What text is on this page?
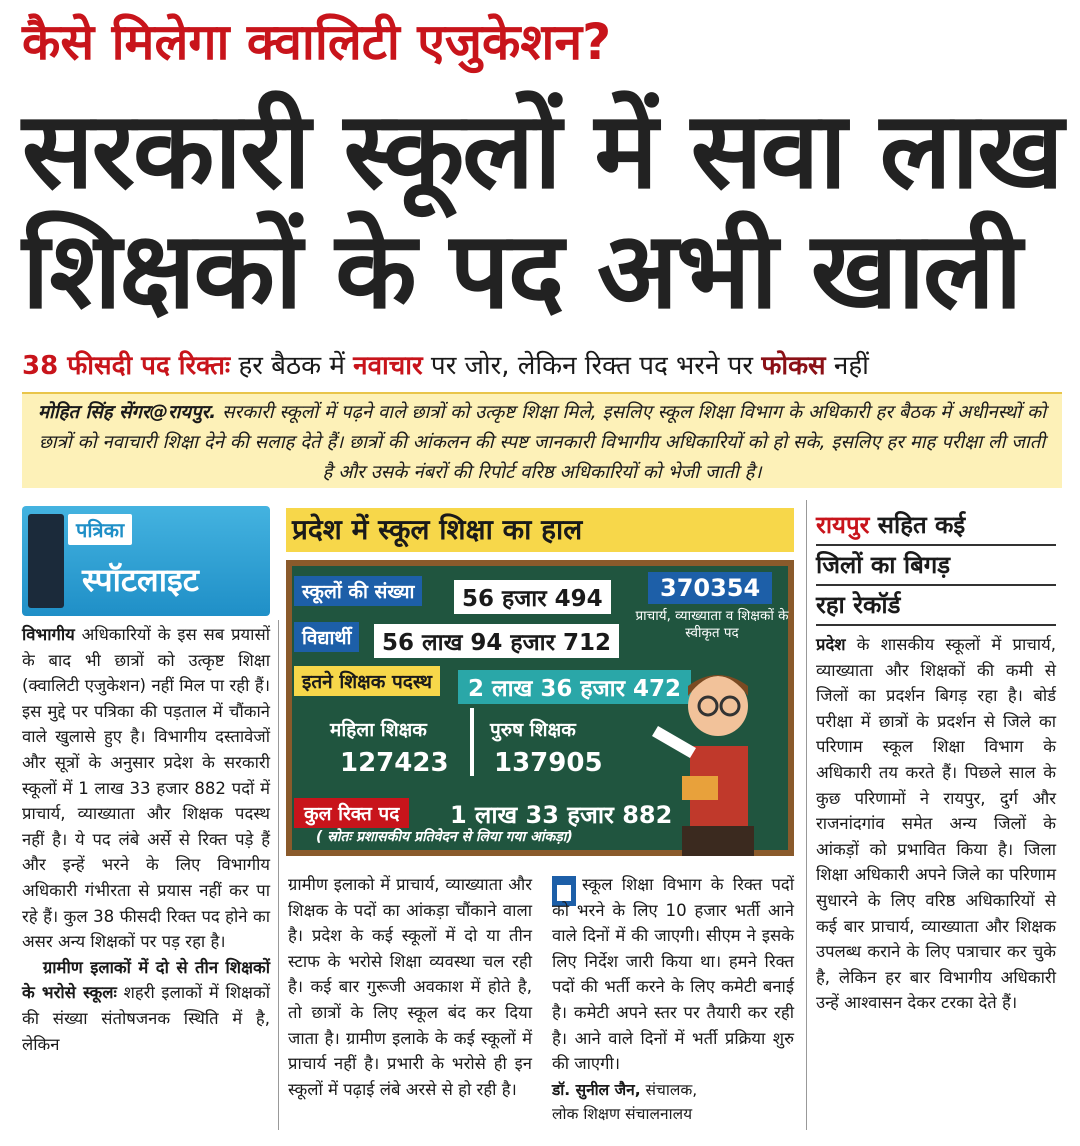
कैसे मिलेगा क्वालिटी एजुकेशन?
सरकारी स्कूलों में सवा लाख
शिक्षकों के पद अभी खाली
38 फीसदी पद रिक्तः हर बैठक में नवाचार पर जोर, लेकिन रिक्त पद भरने पर फोकस नहीं
मोहित सिंह सेंगर@रायपुर. सरकारी स्कूलों में पढ़ने वाले छात्रों को उत्कृष्ट शिक्षा मिले, इसलिए स्कूल शिक्षा विभाग के अधिकारी हर बैठक में अधीनस्थों को छात्रों को नवाचारी शिक्षा देने की सलाह देते हैं। छात्रों की आंकलन की स्पष्ट जानकारी विभागीय अधिकारियों को हो सके, इसलिए हर माह परीक्षा ली जाती है और उसके नंबरों की रिपोर्ट वरिष्ठ अधिकारियों को भेजी जाती है।
पत्रिका
स्पॉटलाइट
विभागीय अधिकारियों के इस सब प्रयासों के बाद भी छात्रों को उत्कृष्ट शिक्षा (क्वालिटी एजुकेशन) नहीं मिल पा रही हैं। इस मुद्दे पर पत्रिका की पड़ताल में चौंकाने वाले खुलासे हुए है। विभागीय दस्तावेजों और सूत्रों के अनुसार प्रदेश के सरकारी स्कूलों में 1 लाख 33 हजार 882 पदों में प्राचार्य, व्याख्याता और शिक्षक पदस्थ नहीं है। ये पद लंबे अर्से से रिक्त पड़े हैं और इन्हें भरने के लिए विभागीय अधिकारी गंभीरता से प्रयास नहीं कर पा रहे हैं। कुल 38 फीसदी रिक्त पद होने का असर अन्य शिक्षकों पर पड़ रहा है।
ग्रामीण इलाकों में दो से तीन शिक्षकों के भरोसे स्कूलः शहरी इलाकों में शिक्षकों की संख्या संतोषजनक स्थिति में है, लेकिन
प्रदेश में स्कूल शिक्षा का हाल
स्कूलों की संख्या	56 हजार 494	370354
प्राचार्य, व्याख्याता व शिक्षकों के स्वीकृत पद
विद्यार्थी	56 लाख 94 हजार 712
इतने शिक्षक पदस्थ	2 लाख 36 हजार 472
महिला शिक्षक
127423
पुरुष शिक्षक
137905
कुल रिक्त पद	1 लाख 33 हजार 882
( स्रोतः प्रशासकीय प्रतिवेदन से लिया गया आंकड़ा)
रायपुर सहित कई
जिलों का बिगड़
रहा रेकॉर्ड
प्रदेश के शासकीय स्कूलों में प्राचार्य, व्याख्याता और शिक्षकों की कमी से जिलों का प्रदर्शन बिगड़ रहा है। बोर्ड परीक्षा में छात्रों के प्रदर्शन से जिले का परिणाम स्कूल शिक्षा विभाग के अधिकारी तय करते हैं। पिछले साल के कुछ परिणामों ने रायपुर, दुर्ग और राजनांदगांव समेत अन्य जिलों के आंकड़ों को प्रभावित किया है। जिला शिक्षा अधिकारी अपने जिले का परिणाम सुधारने के लिए वरिष्ठ अधिकारियों से कई बार प्राचार्य, व्याख्याता और शिक्षक उपलब्ध कराने के लिए पत्राचार कर चुके है, लेकिन हर बार विभागीय अधिकारी उन्हें आश्वासन देकर टरका देते हैं।
ग्रामीण इलाको में प्राचार्य, व्याख्याता और शिक्षक के पदों का आंकड़ा चौंकाने वाला है। प्रदेश के कई स्कूलों में दो या तीन स्टाफ के भरोसे शिक्षा व्यवस्था चल रही है। कई बार गुरूजी अवकाश में होते है, तो छात्रों के लिए स्कूल बंद कर दिया जाता है। ग्रामीण इलाके के कई स्कूलों में प्राचार्य नहीं है। प्रभारी के भरोसे ही इन स्कूलों में पढ़ाई लंबे अरसे से हो रही है।
स्कूल शिक्षा विभाग के रिक्त पदों को भरने के लिए 10 हजार भर्ती आने वाले दिनों में की जाएगी। सीएम ने इसके लिए निर्देश जारी किया था। हमने रिक्त पदों की भर्ती करने के लिए कमेटी बनाई है। कमेटी अपने स्तर पर तैयारी कर रही है। आने वाले दिनों में भर्ती प्रक्रिया शुरु की जाएगी।
डॉ. सुनील जैन, संचालक,
लोक शिक्षण संचालनालय
